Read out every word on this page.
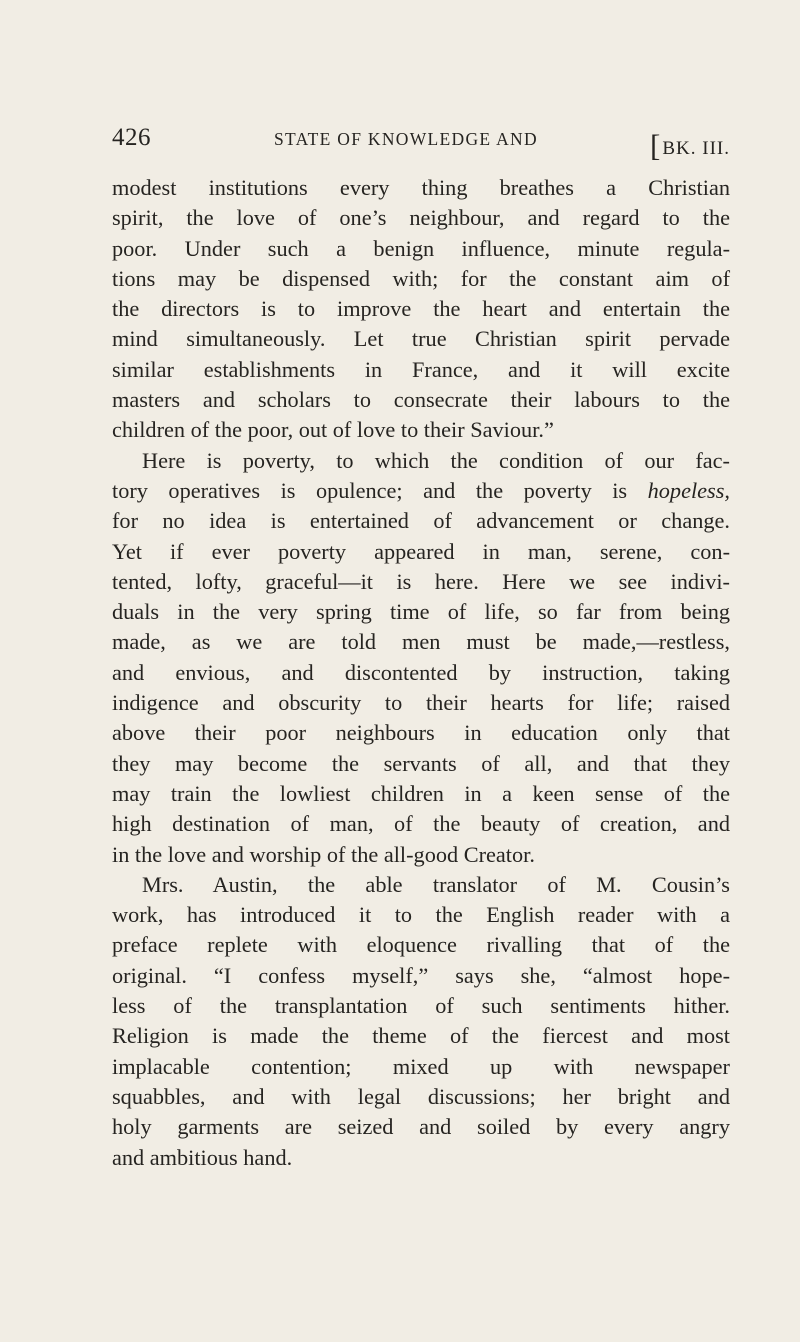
426	STATE OF KNOWLEDGE AND	[BK. III.
modest institutions every thing breathes a Christian
spirit, the love of one’s neighbour, and regard to the
poor. Under such a benign influence, minute regula-
tions may be dispensed with; for the constant aim of
the directors is to improve the heart and entertain the
mind simultaneously. Let true Christian spirit pervade
similar establishments in France, and it will excite
masters and scholars to consecrate their labours to the
children of the poor, out of love to their Saviour.”
Here is poverty, to which the condition of our fac-
tory operatives is opulence; and the poverty is hopeless,
for no idea is entertained of advancement or change.
Yet if ever poverty appeared in man, serene, con-
tented, lofty, graceful—it is here. Here we see indivi-
duals in the very spring time of life, so far from being
made, as we are told men must be made,—restless,
and envious, and discontented by instruction, taking
indigence and obscurity to their hearts for life; raised
above their poor neighbours in education only that
they may become the servants of all, and that they
may train the lowliest children in a keen sense of the
high destination of man, of the beauty of creation, and
in the love and worship of the all-good Creator.
Mrs. Austin, the able translator of M. Cousin’s
work, has introduced it to the English reader with a
preface replete with eloquence rivalling that of the
original. “I confess myself,” says she, “almost hope-
less of the transplantation of such sentiments hither.
Religion is made the theme of the fiercest and most
implacable contention; mixed up with newspaper
squabbles, and with legal discussions; her bright and
holy garments are seized and soiled by every angry
and ambitious hand.
